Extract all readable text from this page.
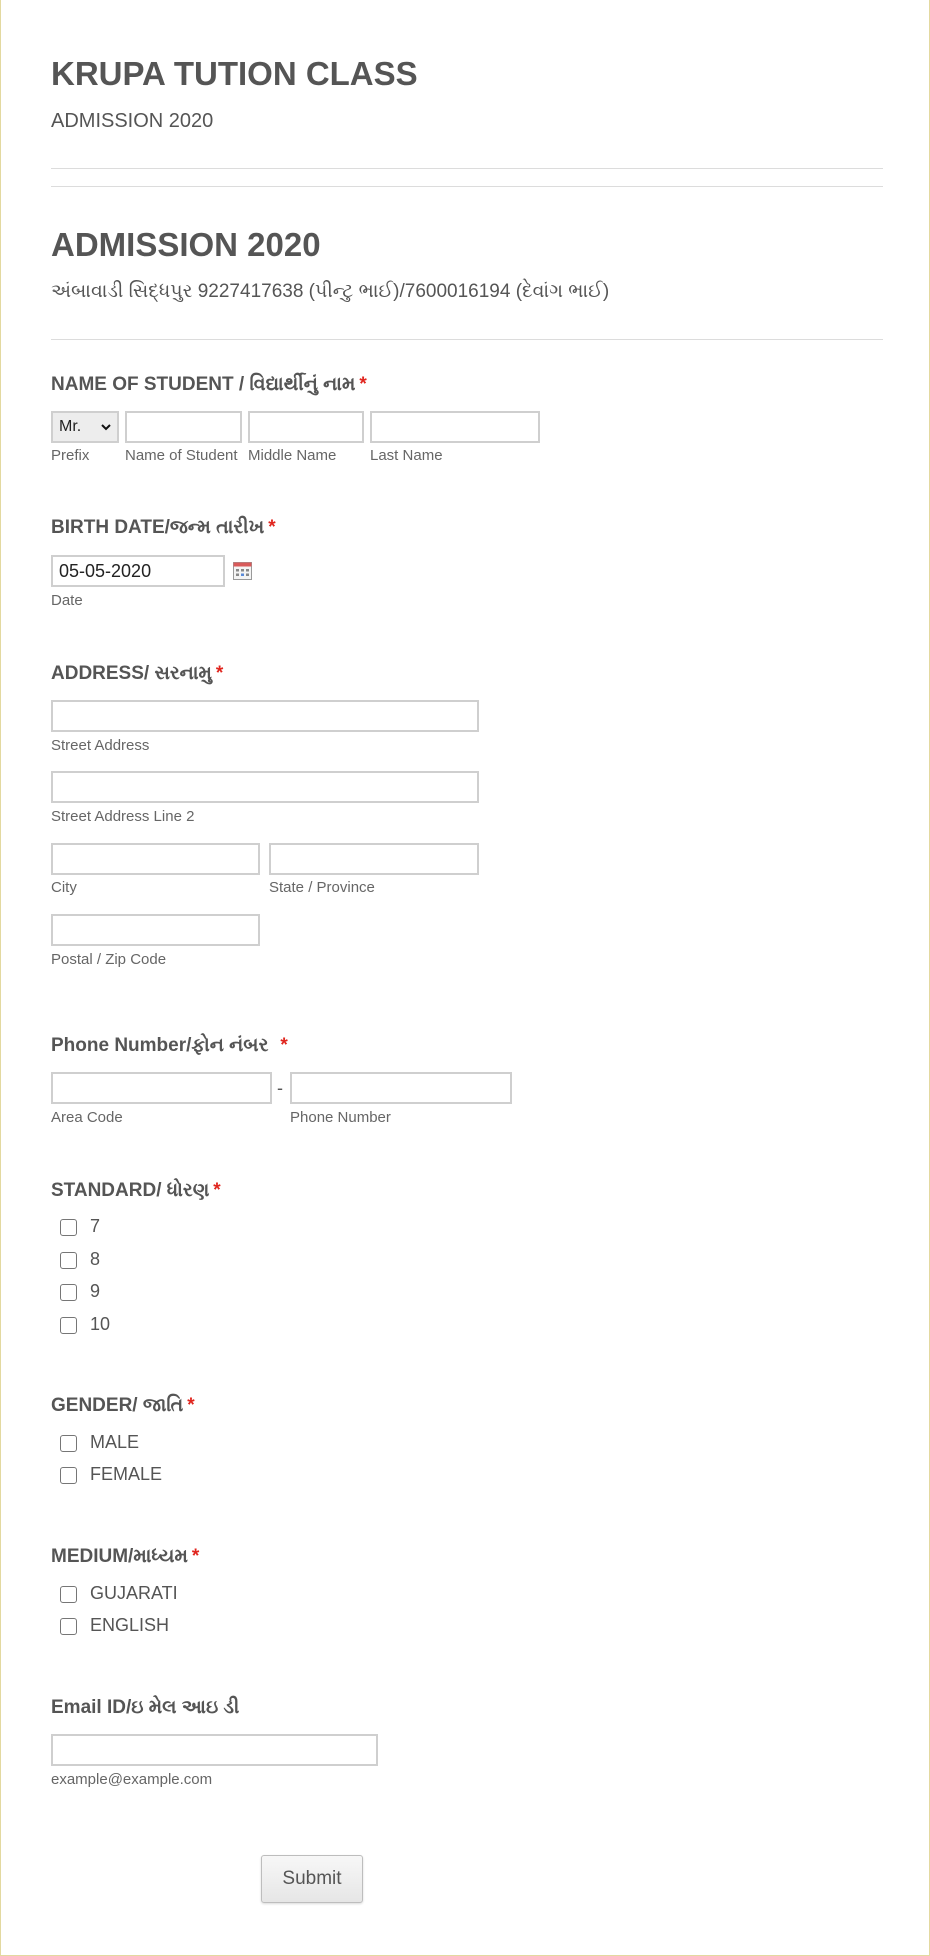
KRUPA TUTION CLASS
ADMISSION 2020
ADMISSION 2020
અંબાવાડી સિદ્ધપુર 9227417638 (પીન્ટુ ભાઈ)/7600016194 (દેવાંગ ભાઈ)
NAME OF STUDENT / વિદ્યાર્થીનું નામ *
Mr.
Prefix Name of Student Middle Name Last Name
BIRTH DATE/જન્મ તારીખ *
05-05-2020
Date
ADDRESS/ સરનામુ *
Street Address
Street Address Line 2
City	State / Province
Postal / Zip Code
Phone Number/ફોન નંબર *
-
Area Code	Phone Number
STANDARD/ ધોરણ *
7
8
9
10
GENDER/ જાતિ *
MALE
FEMALE
MEDIUM/માધ્યમ *
GUJARATI
ENGLISH
Email ID/ઇ મેલ આઇ ડી
example@example.com
Submit
